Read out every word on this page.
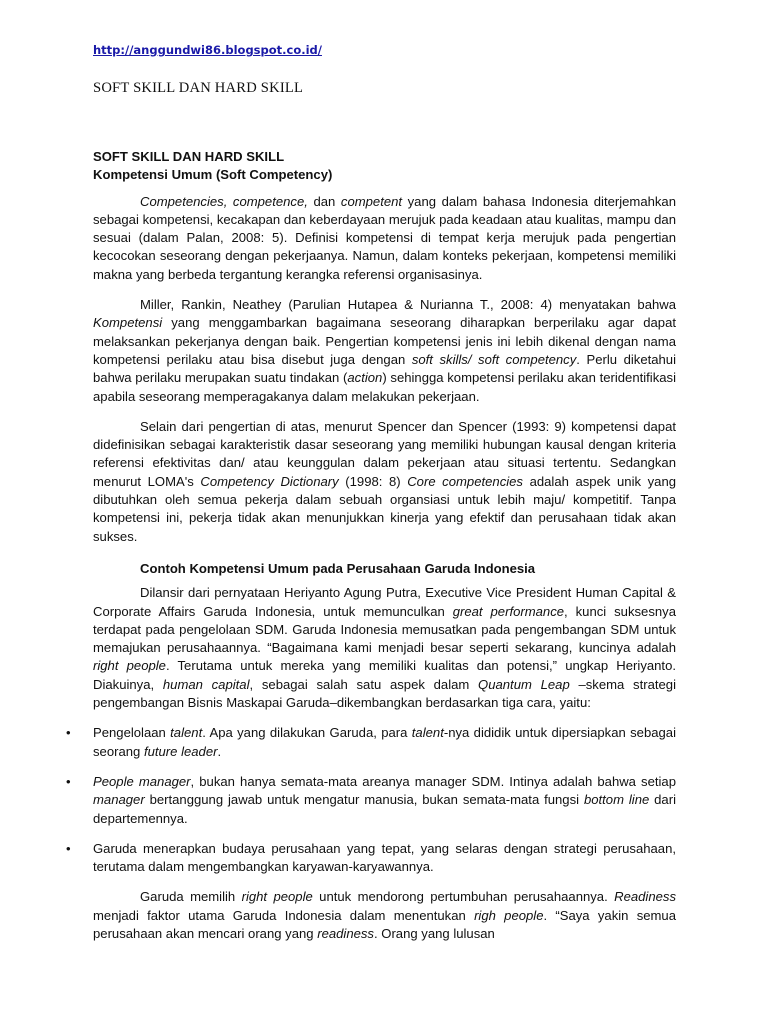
http://anggundwi86.blogspot.co.id/
SOFT SKILL DAN HARD SKILL
SOFT SKILL DAN HARD SKILL
Kompetensi Umum (Soft Competency)

Competencies, competence, dan competent yang dalam bahasa Indonesia diterjemahkan sebagai kompetensi, kecakapan dan keberdayaan merujuk pada keadaan atau kualitas, mampu dan sesuai (dalam Palan, 2008: 5). Definisi kompetensi di tempat kerja merujuk pada pengertian kecocokan seseorang dengan pekerjaanya. Namun, dalam konteks pekerjaan, kompetensi memiliki makna yang berbeda tergantung kerangka referensi organisasinya.

Miller, Rankin, Neathey (Parulian Hutapea & Nurianna T., 2008: 4) menyatakan bahwa Kompetensi yang menggambarkan bagaimana seseorang diharapkan berperilaku agar dapat melaksankan pekerjanya dengan baik. Pengertian kompetensi jenis ini lebih dikenal dengan nama kompetensi perilaku atau bisa disebut juga dengan soft skills/ soft competency. Perlu diketahui bahwa perilaku merupakan suatu tindakan (action) sehingga kompetensi perilaku akan teridentifikasi apabila seseorang memperagakanya dalam melakukan pekerjaan.

Selain dari pengertian di atas, menurut Spencer dan Spencer (1993: 9) kompetensi dapat didefinisikan sebagai karakteristik dasar seseorang yang memiliki hubungan kausal dengan kriteria referensi efektivitas dan/ atau keunggulan dalam pekerjaan atau situasi tertentu. Sedangkan menurut LOMA's Competency Dictionary (1998: 8) Core competencies adalah aspek unik yang dibutuhkan oleh semua pekerja dalam sebuah organsiasi untuk lebih maju/ kompetitif. Tanpa kompetensi ini, pekerja tidak akan menunjukkan kinerja yang efektif dan perusahaan tidak akan sukses.

Contoh Kompetensi Umum pada Perusahaan Garuda Indonesia

Dilansir dari pernyataan Heriyanto Agung Putra, Executive Vice President Human Capital & Corporate Affairs Garuda Indonesia, untuk memunculkan great performance, kunci suksesnya terdapat pada pengelolaan SDM. Garuda Indonesia memusatkan pada pengembangan SDM untuk memajukan perusahaannya. “Bagaimana kami menjadi besar seperti sekarang, kuncinya adalah right people. Terutama untuk mereka yang memiliki kualitas dan potensi,” ungkap Heriyanto. Diakuinya, human capital, sebagai salah satu aspek dalam Quantum Leap –skema strategi pengembangan Bisnis Maskapai Garuda–dikembangkan berdasarkan tiga cara, yaitu:

• Pengelolaan talent. Apa yang dilakukan Garuda, para talent-nya dididik untuk dipersiapkan sebagai seorang future leader.
• People manager, bukan hanya semata-mata areanya manager SDM. Intinya adalah bahwa setiap manager bertanggung jawab untuk mengatur manusia, bukan semata-mata fungsi bottom line dari departemennya.
• Garuda menerapkan budaya perusahaan yang tepat, yang selaras dengan strategi perusahaan, terutama dalam mengembangkan karyawan-karyawannya.

Garuda memilih right people untuk mendorong pertumbuhan perusahaannya. Readiness menjadi faktor utama Garuda Indonesia dalam menentukan righ people. “Saya yakin semua perusahaan akan mencari orang yang readiness. Orang yang lulusan
